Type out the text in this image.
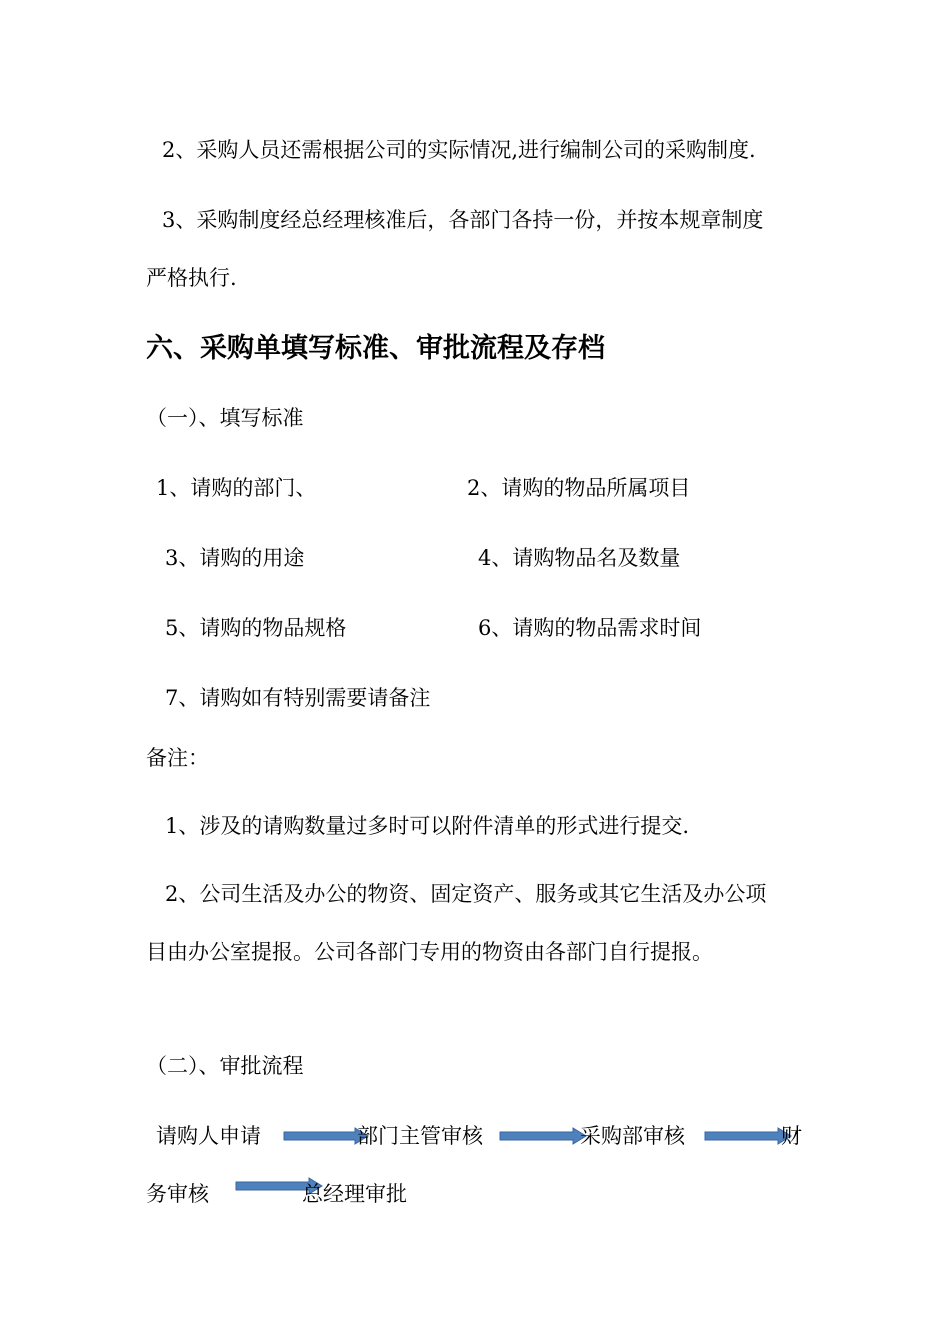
2、采购人员还需根据公司的实际情况,进行编制公司的采购制度.
3、采购制度经总经理核准后，各部门各持一份，并按本规章制度
严格执行.
六、采购单填写标准、审批流程及存档
（一）、填写标准
1、请购的部门、	2、请购的物品所属项目
3、请购的用途	4、请购物品名及数量
5、请购的物品规格	6、请购的物品需求时间
7、请购如有特别需要请备注
备注：
1、涉及的请购数量过多时可以附件清单的形式进行提交.
2、公司生活及办公的物资、固定资产、服务或其它生活及办公项
目由办公室提报。公司各部门专用的物资由各部门自行提报。
（二）、审批流程
请购人申请	部门主管审核	采购部审核	财
务审核	总经理审批
